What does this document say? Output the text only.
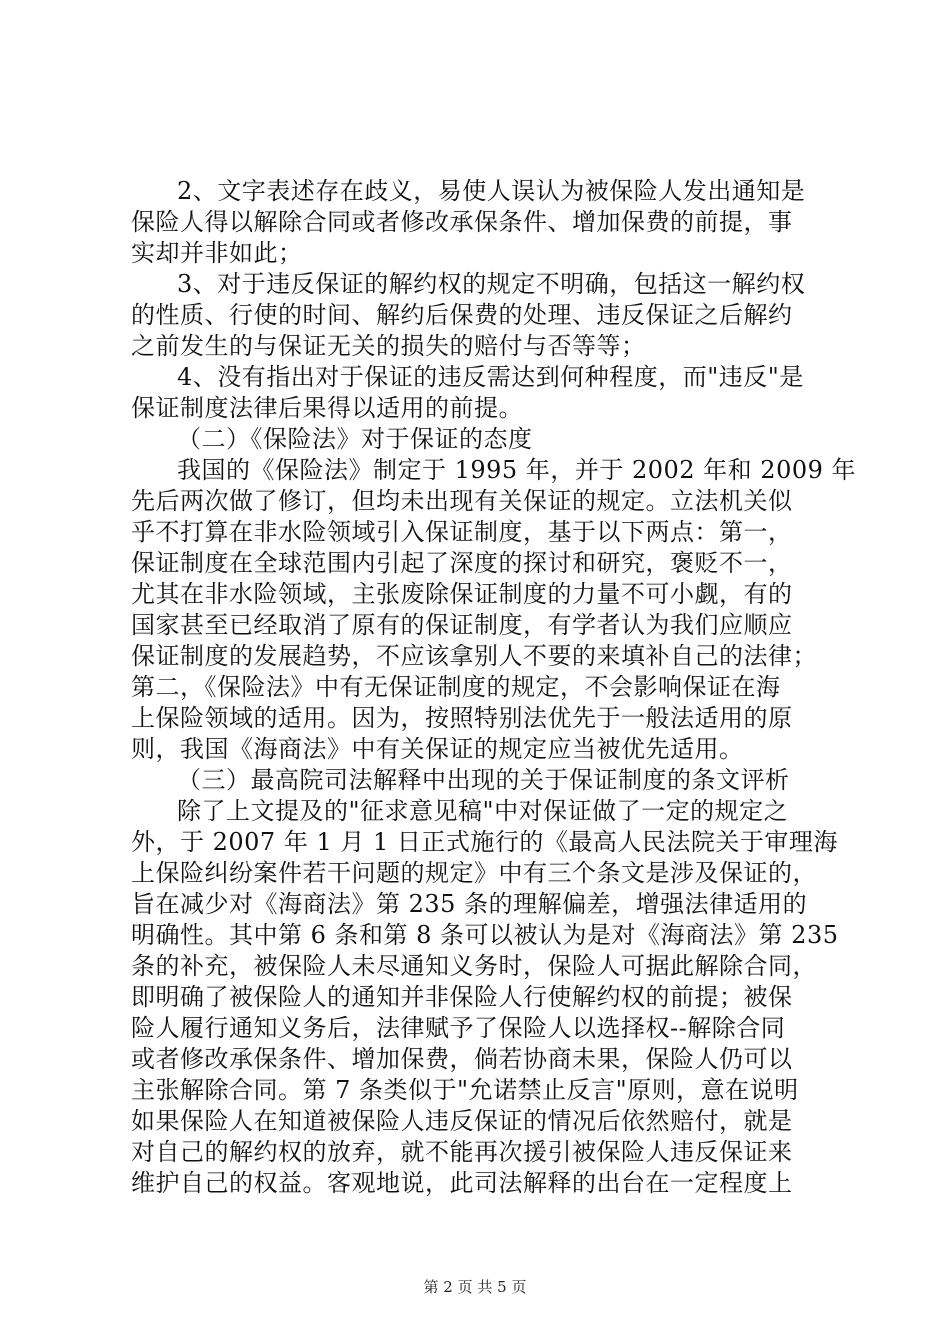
2、文字表述存在歧义，易使人误认为被保险人发出通知是

保险人得以解除合同或者修改承保条件、增加保费的前提，事

实却并非如此；

3、对于违反保证的解约权的规定不明确，包括这一解约权

的性质、行使的时间、解约后保费的处理、违反保证之后解约

之前发生的与保证无关的损失的赔付与否等等；

4、没有指出对于保证的违反需达到何种程度，而"违反"是

保证制度法律后果得以适用的前提。

（二）《保险法》对于保证的态度

我国的《保险法》制定于 1995 年，并于 2002 年和 2009 年

先后两次做了修订，但均未出现有关保证的规定。立法机关似

乎不打算在非水险领域引入保证制度，基于以下两点：第一，

保证制度在全球范围内引起了深度的探讨和研究，褒贬不一，

尤其在非水险领域，主张废除保证制度的力量不可小觑，有的

国家甚至已经取消了原有的保证制度，有学者认为我们应顺应

保证制度的发展趋势，不应该拿别人不要的来填补自己的法律；

第二，《保险法》中有无保证制度的规定，不会影响保证在海

上保险领域的适用。因为，按照特别法优先于一般法适用的原

则，我国《海商法》中有关保证的规定应当被优先适用。

（三）最高院司法解释中出现的关于保证制度的条文评析

除了上文提及的"征求意见稿"中对保证做了一定的规定之

外，于 2007 年 1 月 1 日正式施行的《最高人民法院关于审理海

上保险纠纷案件若干问题的规定》中有三个条文是涉及保证的，

旨在减少对《海商法》第 235 条的理解偏差，增强法律适用的

明确性。其中第 6 条和第 8 条可以被认为是对《海商法》第 235

条的补充，被保险人未尽通知义务时，保险人可据此解除合同，

即明确了被保险人的通知并非保险人行使解约权的前提；被保

险人履行通知义务后，法律赋予了保险人以选择权--解除合同

或者修改承保条件、增加保费，倘若协商未果，保险人仍可以

主张解除合同。第 7 条类似于"允诺禁止反言"原则，意在说明

如果保险人在知道被保险人违反保证的情况后依然赔付，就是

对自己的解约权的放弃，就不能再次援引被保险人违反保证来

维护自己的权益。客观地说，此司法解释的出台在一定程度上

第 2 页 共 5 页
